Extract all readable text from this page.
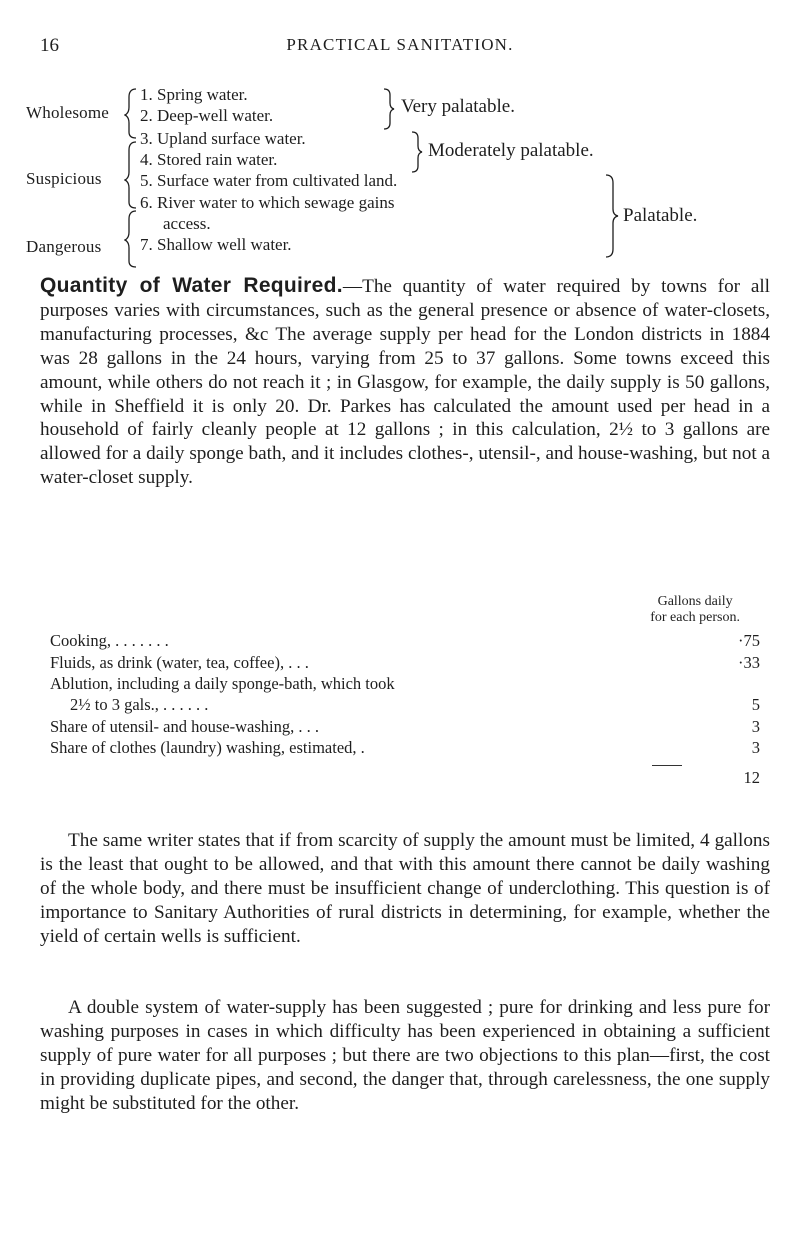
16	PRACTICAL SANITATION.
Wholesome
Suspicious
Dangerous
1. Spring water.
2. Deep-well water.
3. Upland surface water.
4. Stored rain water.
5. Surface water from cultivated land.
6. River water to which sewage gains
access.
7. Shallow well water.
Very palatable.
Moderately palatable.
Palatable.

Quantity of Water Required.—The quantity of water required by towns for all purposes varies with circumstances, such as the general presence or absence of water-closets, manufacturing processes, &c The average supply per head for the London districts in 1884 was 28 gallons in the 24 hours, varying from 25 to 37 gallons. Some towns exceed this amount, while others do not reach it ; in Glasgow, for example, the daily supply is 50 gallons, while in Sheffield it is only 20. Dr. Parkes has calculated the amount used per head in a household of fairly cleanly people at 12 gallons ; in this calculation, 2½ to 3 gallons are allowed for a daily sponge bath, and it includes clothes-, utensil-, and house-washing, but not a water-closet supply.

Gallons daily
for each person.
Cooking, . . . . . . .	·75
Fluids, as drink (water, tea, coffee), . . .	·33
Ablution, including a daily sponge-bath, which took
2½ to 3 gals., . . . . . .	5
Share of utensil- and house-washing, . . .	3
Share of clothes (laundry) washing, estimated, .	3
12

The same writer states that if from scarcity of supply the amount must be limited, 4 gallons is the least that ought to be allowed, and that with this amount there cannot be daily washing of the whole body, and there must be insufficient change of underclothing. This question is of importance to Sanitary Authorities of rural districts in determining, for example, whether the yield of certain wells is sufficient.

A double system of water-supply has been suggested ; pure for drinking and less pure for washing purposes in cases in which difficulty has been experienced in obtaining a sufficient supply of pure water for all purposes ; but there are two objections to this plan—first, the cost in providing duplicate pipes, and second, the danger that, through carelessness, the one supply might be substituted for the other.
